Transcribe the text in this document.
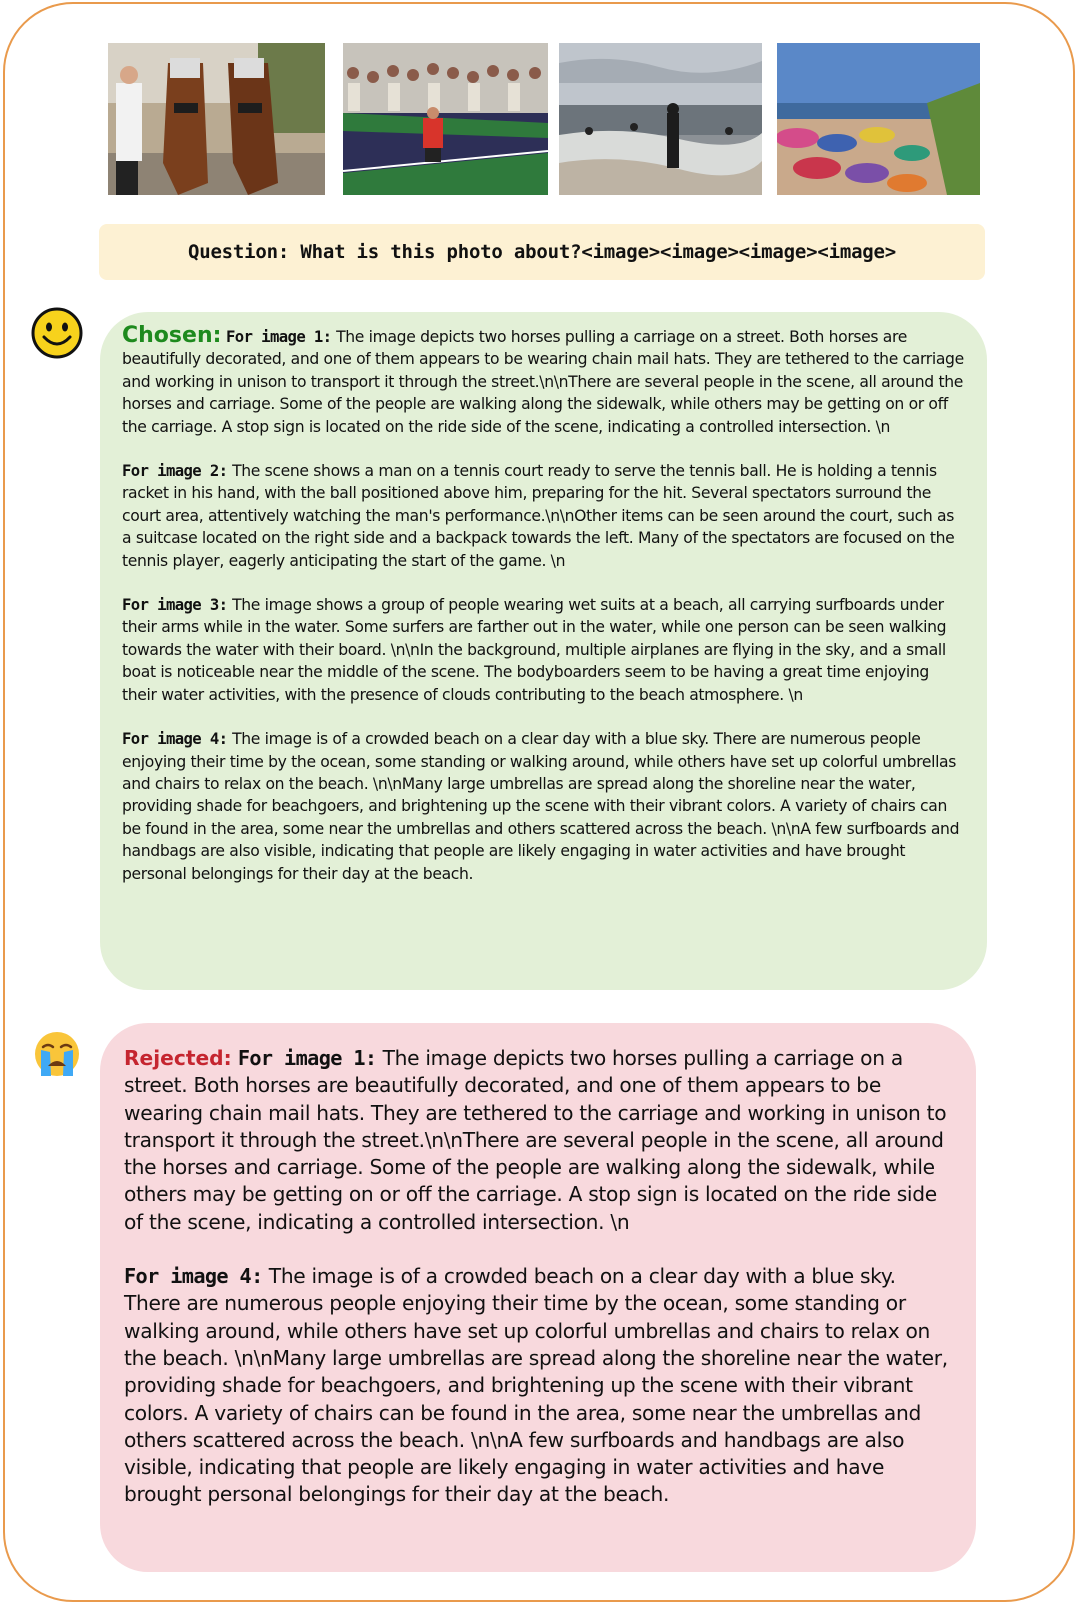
Question: What is this photo about?<image><image><image><image>

Chosen: For image 1: The image depicts two horses pulling a carriage on a street. Both horses are beautifully decorated, and one of them appears to be wearing chain mail hats. They are tethered to the carriage and working in unison to transport it through the street.\n\nThere are several people in the scene, all around the horses and carriage. Some of the people are walking along the sidewalk, while others may be getting on or off the carriage. A stop sign is located on the ride side of the scene, indicating a controlled intersection. \n

For image 2: The scene shows a man on a tennis court ready to serve the tennis ball. He is holding a tennis racket in his hand, with the ball positioned above him, preparing for the hit. Several spectators surround the court area, attentively watching the man's performance.\n\nOther items can be seen around the court, such as a suitcase located on the right side and a backpack towards the left. Many of the spectators are focused on the tennis player, eagerly anticipating the start of the game. \n

For image 3: The image shows a group of people wearing wet suits at a beach, all carrying surfboards under their arms while in the water. Some surfers are farther out in the water, while one person can be seen walking towards the water with their board. \n\nIn the background, multiple airplanes are flying in the sky, and a small boat is noticeable near the middle of the scene. The bodyboarders seem to be having a great time enjoying their water activities, with the presence of clouds contributing to the beach atmosphere. \n

For image 4: The image is of a crowded beach on a clear day with a blue sky. There are numerous people enjoying their time by the ocean, some standing or walking around, while others have set up colorful umbrellas and chairs to relax on the beach. \n\nMany large umbrellas are spread along the shoreline near the water, providing shade for beachgoers, and brightening up the scene with their vibrant colors. A variety of chairs can be found in the area, some near the umbrellas and others scattered across the beach. \n\nA few surfboards and handbags are also visible, indicating that people are likely engaging in water activities and have brought personal belongings for their day at the beach.

Rejected: For image 1: The image depicts two horses pulling a carriage on a street. Both horses are beautifully decorated, and one of them appears to be wearing chain mail hats. They are tethered to the carriage and working in unison to transport it through the street.\n\nThere are several people in the scene, all around the horses and carriage. Some of the people are walking along the sidewalk, while others may be getting on or off the carriage. A stop sign is located on the ride side of the scene, indicating a controlled intersection. \n

For image 4: The image is of a crowded beach on a clear day with a blue sky. There are numerous people enjoying their time by the ocean, some standing or walking around, while others have set up colorful umbrellas and chairs to relax on the beach. \n\nMany large umbrellas are spread along the shoreline near the water, providing shade for beachgoers, and brightening up the scene with their vibrant colors. A variety of chairs can be found in the area, some near the umbrellas and others scattered across the beach. \n\nA few surfboards and handbags are also visible, indicating that people are likely engaging in water activities and have brought personal belongings for their day at the beach.
